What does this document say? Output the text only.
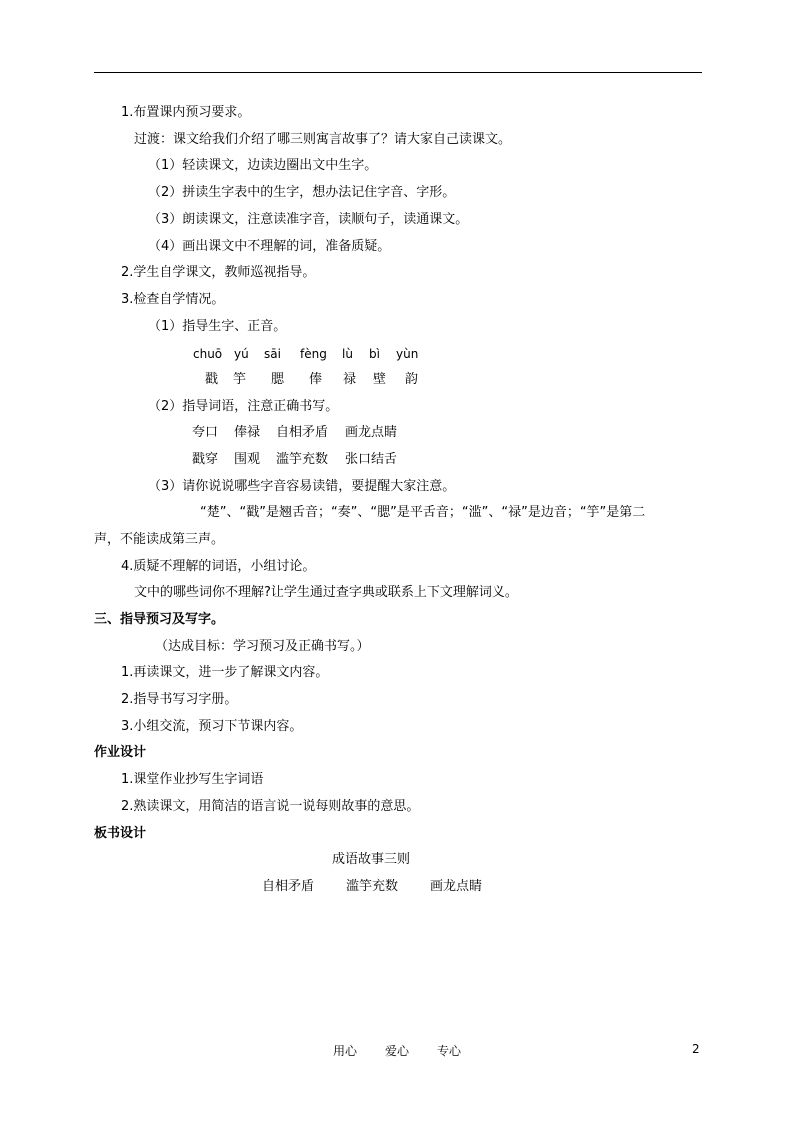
1.布置课内预习要求。
过渡：课文给我们介绍了哪三则寓言故事了？请大家自己读课文。
（1）轻读课文，边读边圈出文中生字。
（2）拼读生字表中的生字，想办法记住字音、字形。
（3）朗读课文，注意读准字音，读顺句子，读通课文。
（4）画出课文中不理解的词，准备质疑。
2.学生自学课文，教师巡视指导。
3.检查自学情况。
（1）指导生字、正音。
chuō yú sāi fèng lù bì yùn
戳 竽 腮 俸 禄 壁 韵
（2）指导词语，注意正确书写。
夸口 俸禄 自相矛盾 画龙点睛
戳穿 围观 滥竽充数 张口结舌
（3）请你说说哪些字音容易读错，要提醒大家注意。
“楚”、“戳”是翘舌音；“奏”、“腮”是平舌音；“滥”、“禄”是边音；“竽”是第二
声，不能读成第三声。
4.质疑不理解的词语，小组讨论。
文中的哪些词你不理解?让学生通过查字典或联系上下文理解词义。
三、指导预习及写字。
（达成目标：学习预习及正确书写。）
1.再读课文，进一步了解课文内容。
2.指导书写习字册。
3.小组交流，预习下节课内容。
作业设计
1.课堂作业抄写生字词语
2.熟读课文，用简洁的语言说一说每则故事的意思。
板书设计
成语故事三则
自相矛盾 滥竽充数 画龙点睛
用心 爱心 专心	2
